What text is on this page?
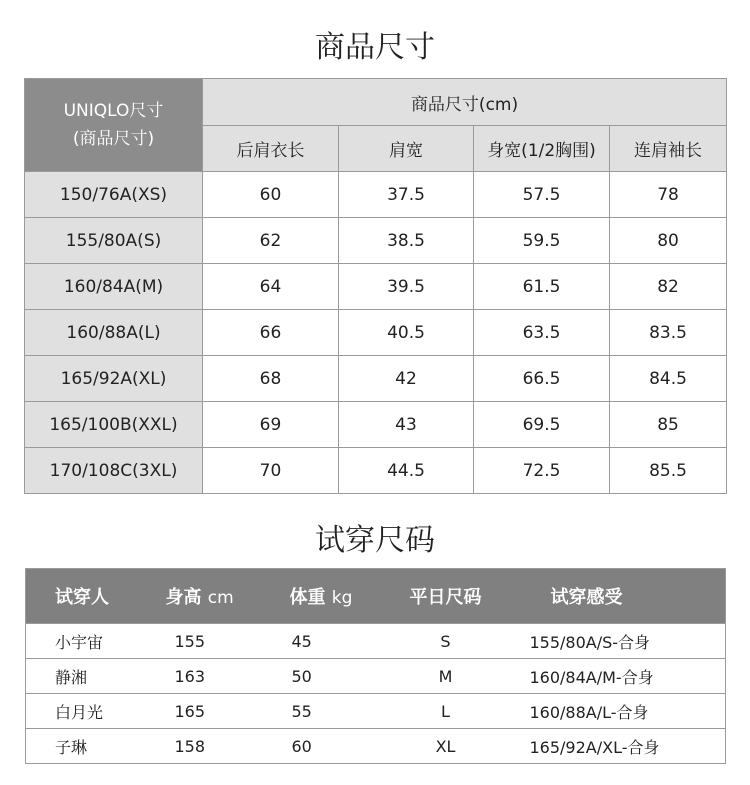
商品尺寸
UNIQLO尺寸
(商品尺寸)	商品尺寸(cm)			
	后肩衣长	肩宽	身宽(1/2胸围)	连肩袖长
150/76A(XS)	60	37.5	57.5	78
155/80A(S)	62	38.5	59.5	80
160/84A(M)	64	39.5	61.5	82
160/88A(L)	66	40.5	63.5	83.5
165/92A(XL)	68	42	66.5	84.5
165/100B(XXL)	69	43	69.5	85
170/108C(3XL)	70	44.5	72.5	85.5
试穿尺码
试穿人	身高 cm	体重 kg	平日尺码	试穿感受
小宇宙	155	45	S	155/80A/S-合身
静湘	163	50	M	160/84A/M-合身
白月光	165	55	L	160/88A/L-合身
子琳	158	60	XL	165/92A/XL-合身
